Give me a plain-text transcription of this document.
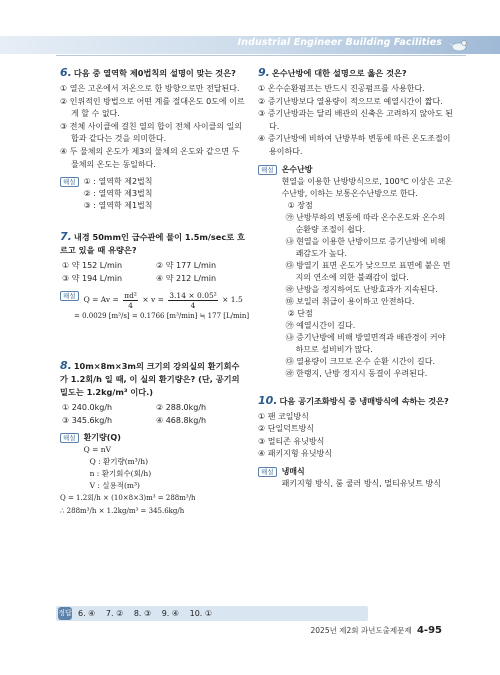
Industrial Engineer Building Facilities
6. 다음 중 열역학 제0법칙의 설명이 맞는 것은?
① 열은 고온에서 저온으로 한 방향으로만 전달된다.
② 인위적인 방법으로 어떤 계를 절대온도 0도에 이르게 할 수 없다.
③ 전체 사이클에 걸친 열의 합이 전체 사이클의 일의 합과 같다는 것을 의미한다.
④ 두 물체의 온도가 제3의 물체의 온도와 같으면 두 물체의 온도는 동일하다.
해설	① : 열역학 제2법칙
② : 열역학 제3법칙
③ : 열역학 제1법칙
7. 내경 50mm인 급수관에 물이 1.5m/sec로 흐르고 있을 때 유량은?
① 약 152 L/min	② 약 177 L/min
③ 약 194 L/min	④ 약 212 L/min
해설	$Q = Av = \frac{\text{πd²}}{4} \times v = \frac{\text{3.14 × 0.05²}}{4} \times 1.5$
= 0.0029 [m³/s] = 0.1766 [m³/min] ≒ 177 [L/min]
8. 10m×8m×3m의 크기의 강의실의 환기회수가 1.2회/h 일 때, 이 실의 환기량은? (단, 공기의 밀도는 1.2kg/m³ 이다.)
① 240.0kg/h	② 288.0kg/h
③ 345.6kg/h	④ 468.8kg/h
해설	환기량(Q)
Q = nV
Q : 환기량(m³/h)
n : 환기회수(회/h)
V : 실용적(m³)
Q = 1.2회/h × (10×8×3)m³ = 288m³/h
∴ 288m³/h × 1.2kg/m³ = 345.6kg/h
9. 온수난방에 대한 설명으로 옳은 것은?
① 온수순환펌프는 반드시 진공펌프를 사용한다.
② 증기난방보다 열용량이 적으므로 예열시간이 짧다.
③ 증기난방과는 달리 배관의 신축은 고려하지 않아도 된다.
④ 증기난방에 비하여 난방부하 변동에 따른 온도조절이 용이하다.
해설	온수난방
현열을 이용한 난방방식으로, 100℃ 이상은 고온수난방, 이하는 보통온수난방으로 한다.
① 장점
㉮ 난방부하의 변동에 따라 온수온도와 온수의 순환량 조절이 쉽다.
㉯ 현열을 이용한 난방이므로 증기난방에 비해 쾌감도가 높다.
㉰ 방열기 표면 온도가 낮으므로 표면에 붙은 먼지의 연소에 의한 불쾌감이 없다.
㉱ 난방을 정지하여도 난방효과가 지속된다.
㉲ 보일러 취급이 용이하고 안전하다.
② 단점
㉮ 예열시간이 길다.
㉯ 증기난방에 비해 방열면적과 배관경이 커야 하므로 설비비가 많다.
㉰ 열용량이 크므로 온수 순환 시간이 길다.
㉱ 한랭지, 난방 정지시 동결이 우려된다.
10. 다음 공기조화방식 중 냉매방식에 속하는 것은?
① 팬 코일방식
② 단일덕트방식
③ 멀티존 유닛방식
④ 패키지형 유닛방식
해설	냉매식
패키지형 방식, 룸 쿨러 방식, 멀티유닛트 방식
정답 6. ④ 7. ② 8. ③ 9. ④ 10. ①
2025년 제2회 과년도출제문제 4-95
